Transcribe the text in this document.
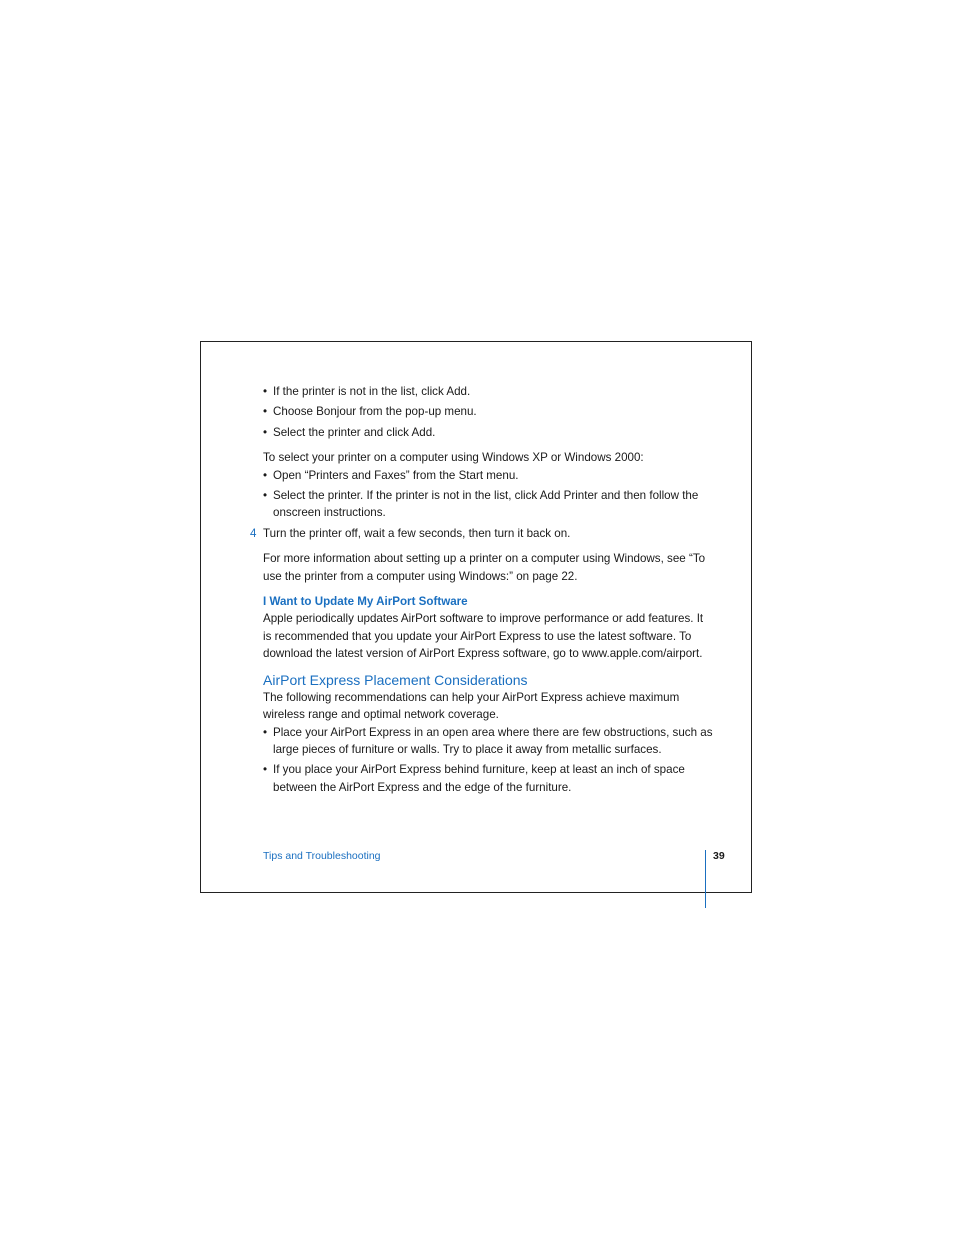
• If the printer is not in the list, click Add.
• Choose Bonjour from the pop-up menu.
• Select the printer and click Add.

To select your printer on a computer using Windows XP or Windows 2000:

• Open “Printers and Faxes” from the Start menu.
• Select the printer. If the printer is not in the list, click Add Printer and then follow the onscreen instructions.
4 Turn the printer off, wait a few seconds, then turn it back on.

For more information about setting up a printer on a computer using Windows, see “To use the printer from a computer using Windows:” on page 22.

I Want to Update My AirPort Software

Apple periodically updates AirPort software to improve performance or add features. It is recommended that you update your AirPort Express to use the latest software. To download the latest version of AirPort Express software, go to www.apple.com/airport.

AirPort Express Placement Considerations

The following recommendations can help your AirPort Express achieve maximum wireless range and optimal network coverage.

• Place your AirPort Express in an open area where there are few obstructions, such as large pieces of furniture or walls. Try to place it away from metallic surfaces.
• If you place your AirPort Express behind furniture, keep at least an inch of space between the AirPort Express and the edge of the furniture.
Tips and Troubleshooting	39
